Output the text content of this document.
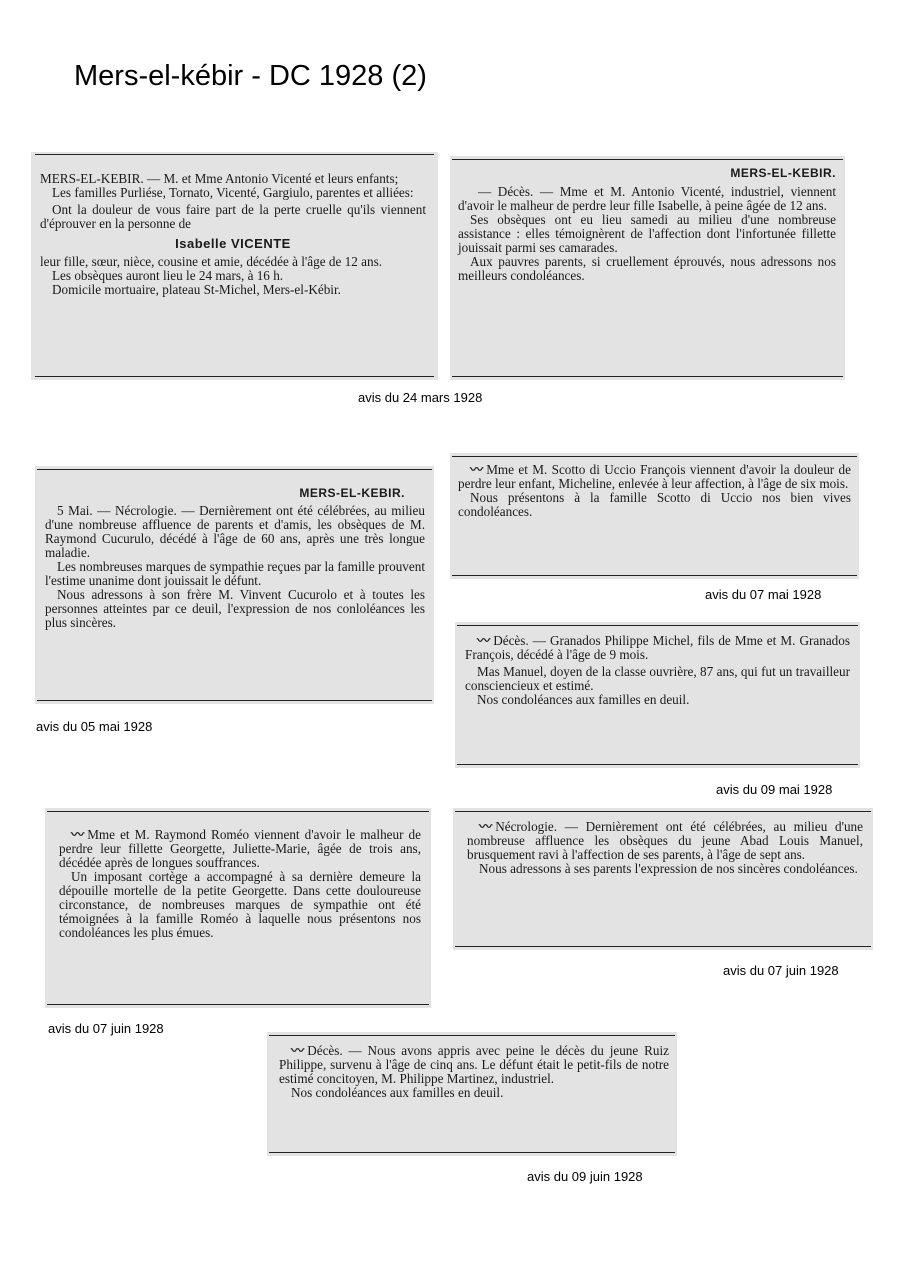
Mers-el-kébir - DC 1928 (2)

MERS-EL-KEBIR. — M. et Mme Antonio Vicenté et leurs enfants;

Les familles Purliése, Tornato, Vicenté, Gargiulo, parentes et alliées:

Ont la douleur de vous faire part de la perte cruelle qu'ils viennent d'éprouver en la personne de

Isabelle VICENTE

leur fille, sœur, nièce, cousine et amie, décédée à l'âge de 12 ans.

Les obsèques auront lieu le 24 mars, à 16 h.

Domicile mortuaire, plateau St-Michel, Mers-el-Kébir.

MERS-EL-KEBIR.

— Décès. — Mme et M. Antonio Vicenté, industriel, viennent d'avoir le malheur de perdre leur fille Isabelle, à peine âgée de 12 ans.

Ses obsèques ont eu lieu samedi au milieu d'une nombreuse assistance : elles témoignèrent de l'affection dont l'infortunée fillette jouissait parmi ses camarades.

Aux pauvres parents, si cruellement éprouvés, nous adressons nos meilleurs condoléances.

avis du 24 mars 1928
MERS-EL-KEBIR.

5 Mai. — Nécrologie. — Dernièrement ont été célébrées, au milieu d'une nombreuse affluence de parents et d'amis, les obsèques de M. Raymond Cucurulo, décédé à l'âge de 60 ans, après une très longue maladie.

Les nombreuses marques de sympathie reçues par la famille prouvent l'estime unanime dont jouissait le défunt.

Nous adressons à son frère M. Vinvent Cucurolo et à toutes les personnes atteintes par ce deuil, l'expression de nos conloléances les plus sincères.

avis du 05 mai 1928

〰 Mme et M. Scotto di Uccio François viennent d'avoir la douleur de perdre leur enfant, Micheline, enlevée à leur affection, à l'âge de six mois.

Nous présentons à la famille Scotto di Uccio nos bien vives condoléances.

avis du 07 mai 1928

〰 Décès. — Granados Philippe Michel, fils de Mme et M. Granados François, décédé à l'âge de 9 mois.

Mas Manuel, doyen de la classe ouvrière, 87 ans, qui fut un travailleur consciencieux et estimé.

Nos condoléances aux familles en deuil.

avis du 09 mai 1928

〰 Mme et M. Raymond Roméo viennent d'avoir le malheur de perdre leur fillette Georgette, Juliette-Marie, âgée de trois ans, décédée après de longues souffrances.

Un imposant cortège a accompagné à sa dernière demeure la dépouille mortelle de la petite Georgette. Dans cette douloureuse circonstance, de nombreuses marques de sympathie ont été témoignées à la famille Roméo à laquelle nous présentons nos condoléances les plus émues.

〰 Nécrologie. — Dernièrement ont été célébrées, au milieu d'une nombreuse affluence les obsèques du jeune Abad Louis Manuel, brusquement ravi à l'affection de ses parents, à l'âge de sept ans.

Nous adressons à ses parents l'expression de nos sincères condoléances.

avis du 07 juin 1928
avis du 07 juin 1928

〰 Décès. — Nous avons appris avec peine le décès du jeune Ruiz Philippe, survenu à l'âge de cinq ans. Le défunt était le petit-fils de notre estimé concitoyen, M. Philippe Martinez, industriel.

Nos condoléances aux familles en deuil.

avis du 09 juin 1928
